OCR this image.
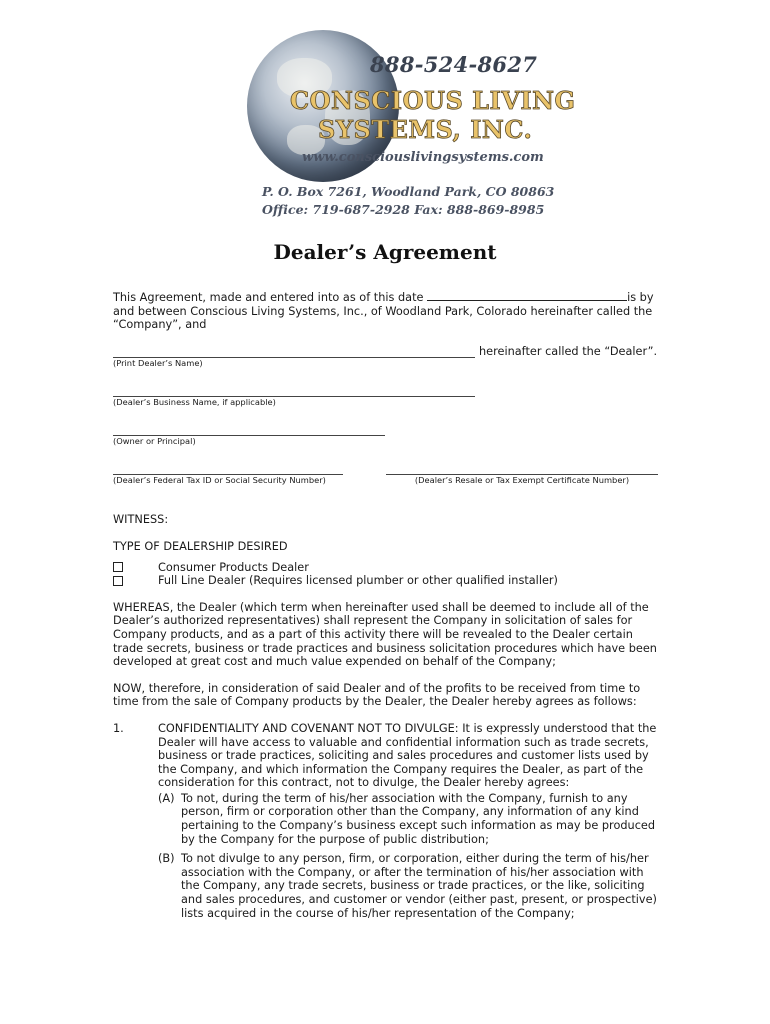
888-524-8627
CONSCIOUS LIVING
SYSTEMS, INC.
www.consciouslivingsystems.com
P. O. Box 7261, Woodland Park, CO 80863
Office: 719-687-2928 Fax: 888-869-8985
Dealer’s Agreement
This Agreement, made and entered into as of this date	is by and between Conscious Living Systems, Inc., of Woodland Park, Colorado hereinafter called the “Company”, and
hereinafter called the “Dealer”.
(Print Dealer’s Name)
(Dealer’s Business Name, if applicable)
(Owner or Principal)
(Dealer’s Federal Tax ID or Social Security Number)	(Dealer’s Resale or Tax Exempt Certificate Number)
WITNESS:
TYPE OF DEALERSHIP DESIRED
Consumer Products Dealer
Full Line Dealer (Requires licensed plumber or other qualified installer)
WHEREAS, the Dealer (which term when hereinafter used shall be deemed to include all of the Dealer’s authorized representatives) shall represent the Company in solicitation of sales for Company products, and as a part of this activity there will be revealed to the Dealer certain trade secrets, business or trade practices and business solicitation procedures which have been developed at great cost and much value expended on behalf of the Company;
NOW, therefore, in consideration of said Dealer and of the profits to be received from time to time from the sale of Company products by the Dealer, the Dealer hereby agrees as follows:
1.	CONFIDENTIALITY AND COVENANT NOT TO DIVULGE: It is expressly understood that the Dealer will have access to valuable and confidential information such as trade secrets, business or trade practices, soliciting and sales procedures and customer lists used by the Company, and which information the Company requires the Dealer, as part of the consideration for this contract, not to divulge, the Dealer hereby agrees:
(A) To not, during the term of his/her association with the Company, furnish to any person, firm or corporation other than the Company, any information of any kind pertaining to the Company’s business except such information as may be produced by the Company for the purpose of public distribution;
(B) To not divulge to any person, firm, or corporation, either during the term of his/her association with the Company, or after the termination of his/her association with the Company, any trade secrets, business or trade practices, or the like, soliciting and sales procedures, and customer or vendor (either past, present, or prospective) lists acquired in the course of his/her representation of the Company;
